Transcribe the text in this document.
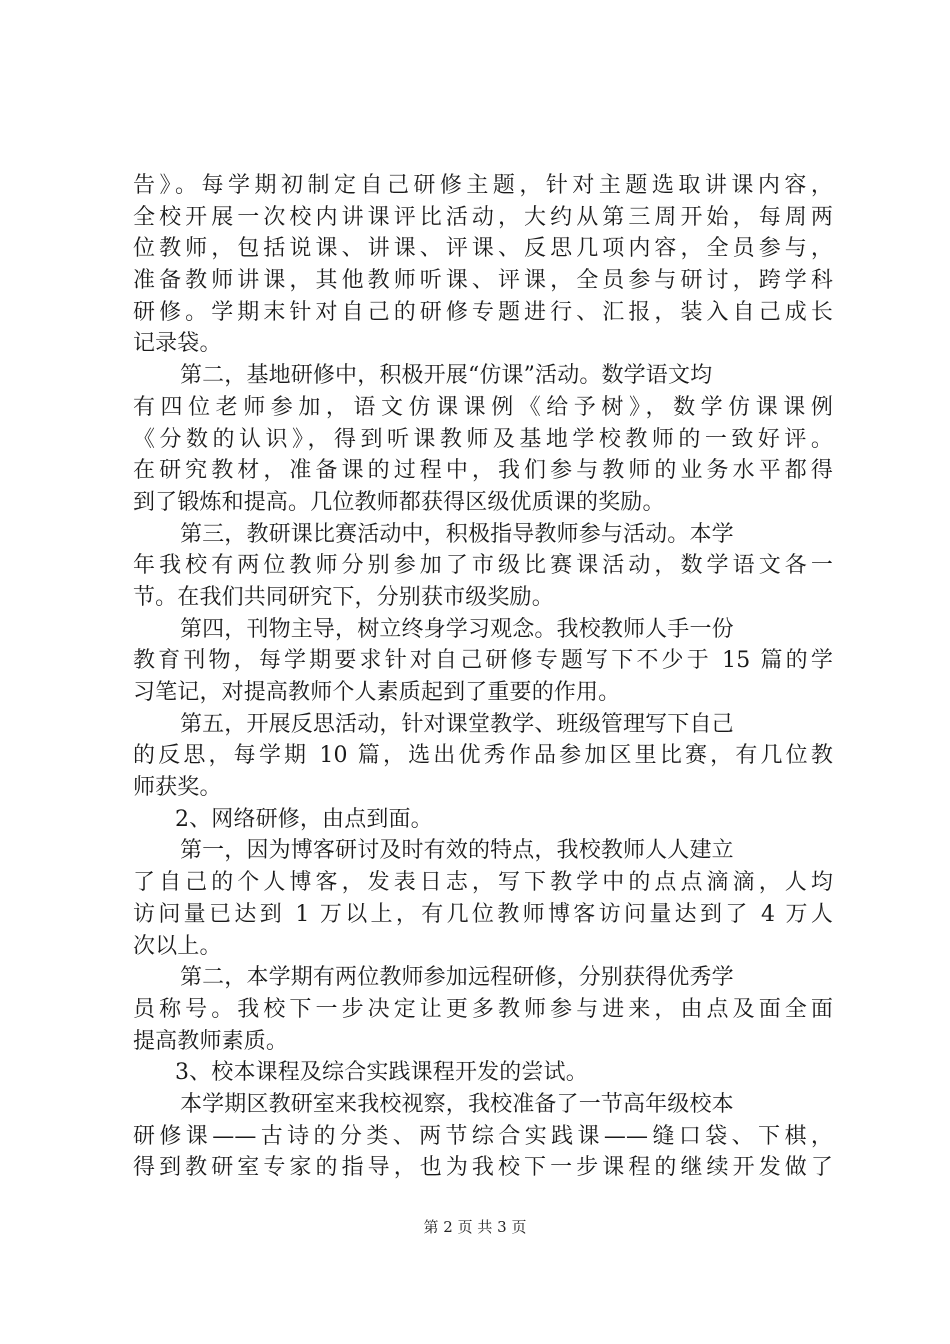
告》。每学期初制定自己研修主题，针对主题选取讲课内容，
全校开展一次校内讲课评比活动，大约从第三周开始，每周两
位教师，包括说课、讲课、评课、反思几项内容，全员参与，
准备教师讲课，其他教师听课、评课，全员参与研讨，跨学科
研修。学期末针对自己的研修专题进行、汇报，装入自己成长
记录袋。
第二，基地研修中，积极开展“仿课”活动。数学语文均
有四位老师参加，语文仿课课例《给予树》，数学仿课课例
《分数的认识》，得到听课教师及基地学校教师的一致好评。
在研究教材，准备课的过程中，我们参与教师的业务水平都得
到了锻炼和提高。几位教师都获得区级优质课的奖励。
第三，教研课比赛活动中，积极指导教师参与活动。本学
年我校有两位教师分别参加了市级比赛课活动，数学语文各一
节。在我们共同研究下，分别获市级奖励。
第四，刊物主导，树立终身学习观念。我校教师人手一份
教育刊物，每学期要求针对自己研修专题写下不少于 15 篇的学
习笔记，对提高教师个人素质起到了重要的作用。
第五，开展反思活动，针对课堂教学、班级管理写下自己
的反思，每学期 10 篇，选出优秀作品参加区里比赛，有几位教
师获奖。
2、网络研修，由点到面。
第一，因为博客研讨及时有效的特点，我校教师人人建立
了自己的个人博客，发表日志，写下教学中的点点滴滴，人均
访问量已达到 1 万以上，有几位教师博客访问量达到了 4 万人
次以上。
第二，本学期有两位教师参加远程研修，分别获得优秀学
员称号。我校下一步决定让更多教师参与进来，由点及面全面
提高教师素质。
3、校本课程及综合实践课程开发的尝试。
本学期区教研室来我校视察，我校准备了一节高年级校本
研修课——古诗的分类、两节综合实践课——缝口袋、下棋，
得到教研室专家的指导，也为我校下一步课程的继续开发做了
第 2 页 共 3 页
